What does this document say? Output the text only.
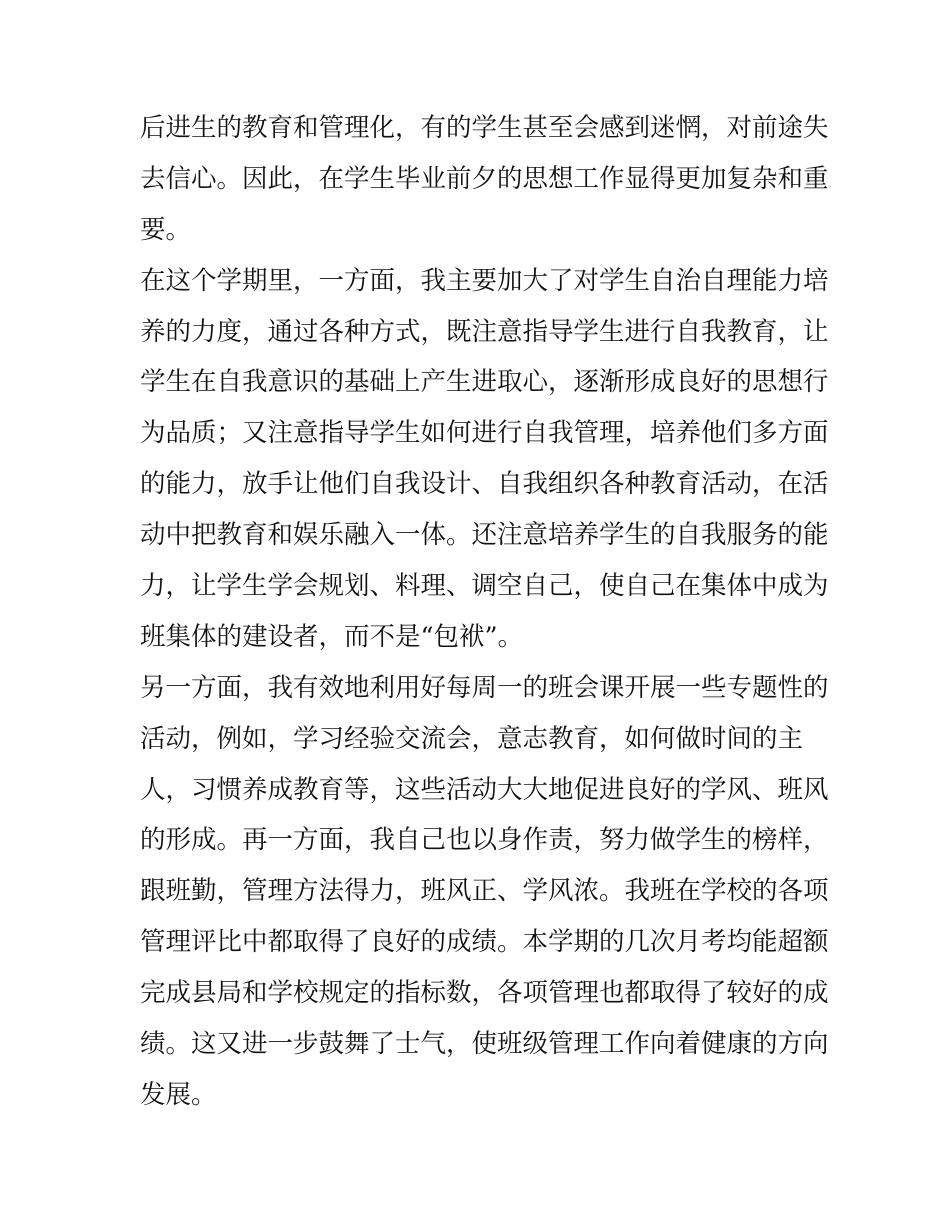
后进生的教育和管理化，有的学生甚至会感到迷惘，对前途失
去信心。因此，在学生毕业前夕的思想工作显得更加复杂和重
要。
在这个学期里，一方面，我主要加大了对学生自治自理能力培
养的力度，通过各种方式，既注意指导学生进行自我教育，让
学生在自我意识的基础上产生进取心，逐渐形成良好的思想行
为品质；又注意指导学生如何进行自我管理，培养他们多方面
的能力，放手让他们自我设计、自我组织各种教育活动，在活
动中把教育和娱乐融入一体。还注意培养学生的自我服务的能
力，让学生学会规划、料理、调空自己，使自己在集体中成为
班集体的建设者，而不是“包袱”。
另一方面，我有效地利用好每周一的班会课开展一些专题性的
活动，例如，学习经验交流会，意志教育，如何做时间的主
人，习惯养成教育等，这些活动大大地促进良好的学风、班风
的形成。再一方面，我自己也以身作责，努力做学生的榜样，
跟班勤，管理方法得力，班风正、学风浓。我班在学校的各项
管理评比中都取得了良好的成绩。本学期的几次月考均能超额
完成县局和学校规定的指标数，各项管理也都取得了较好的成
绩。这又进一步鼓舞了士气，使班级管理工作向着健康的方向
发展。
